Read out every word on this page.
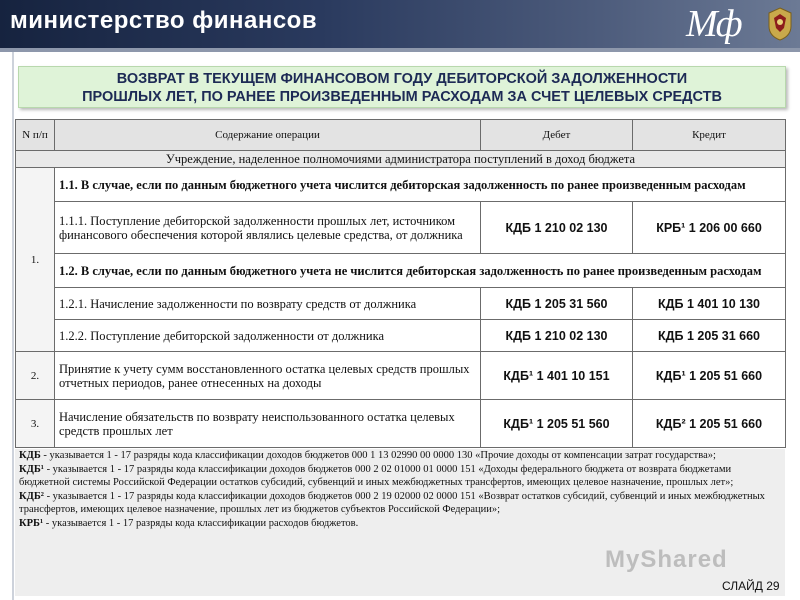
министерство финансов	Мф
ВОЗВРАТ В ТЕКУЩЕМ ФИНАНСОВОМ ГОДУ ДЕБИТОРСКОЙ ЗАДОЛЖЕННОСТИ
ПРОШЛЫХ ЛЕТ, ПО РАНЕЕ ПРОИЗВЕДЕННЫМ РАСХОДАМ ЗА СЧЕТ ЦЕЛЕВЫХ СРЕДСТВ
N п/п	Содержание операции	Дебет	Кредит
Учреждение, наделенное полномочиями администратора поступлений в доход бюджета			
1.	1.1. В случае, если по данным бюджетного учета числится дебиторская задолженность по ранее произведенным расходам		
	1.1.1. Поступление дебиторской задолженности прошлых лет, источником финансового обеспечения которой являлись целевые средства, от должника	КДБ 1 210 02 130	КРБ¹ 1 206 00 660
	1.2. В случае, если по данным бюджетного учета не числится дебиторская задолженность по ранее произведенным расходам		
	1.2.1. Начисление задолженности по возврату средств от должника	КДБ 1 205 31 560	КДБ 1 401 10 130
	1.2.2. Поступление дебиторской задолженности от должника	КДБ 1 210 02 130	КДБ 1 205 31 660

2.	Принятие к учету сумм восстановленного остатка целевых средств прошлых отчетных периодов, ранее отнесенных на доходы	КДБ¹ 1 401 10 151	КДБ¹ 1 205 51 660
3.	Начисление обязательств по возврату неиспользованного остатка целевых средств прошлых лет	КДБ¹ 1 205 51 560	КДБ² 1 205 51 660

КДБ - указывается 1 - 17 разряды кода классификации доходов бюджетов 000 1 13 02990 00 0000 130 «Прочие доходы от компенсации затрат государства»;

КДБ¹ - указывается 1 - 17 разряды кода классификации доходов бюджетов 000 2 02 01000 01 0000 151 «Доходы федерального бюджета от возврата бюджетами бюджетной системы Российской Федерации остатков субсидий, субвенций и иных межбюджетных трансфертов, имеющих целевое назначение, прошлых лет»;

КДБ² - указывается 1 - 17 разряды кода классификации доходов бюджетов 000 2 19 02000 02 0000 151 «Возврат остатков субсидий, субвенций и иных межбюджетных трансфертов, имеющих целевое назначение, прошлых лет из бюджетов субъектов Российской Федерации»;

КРБ¹ - указывается 1 - 17 разряды кода классификации расходов бюджетов.

MyShared
СЛАЙД 29
